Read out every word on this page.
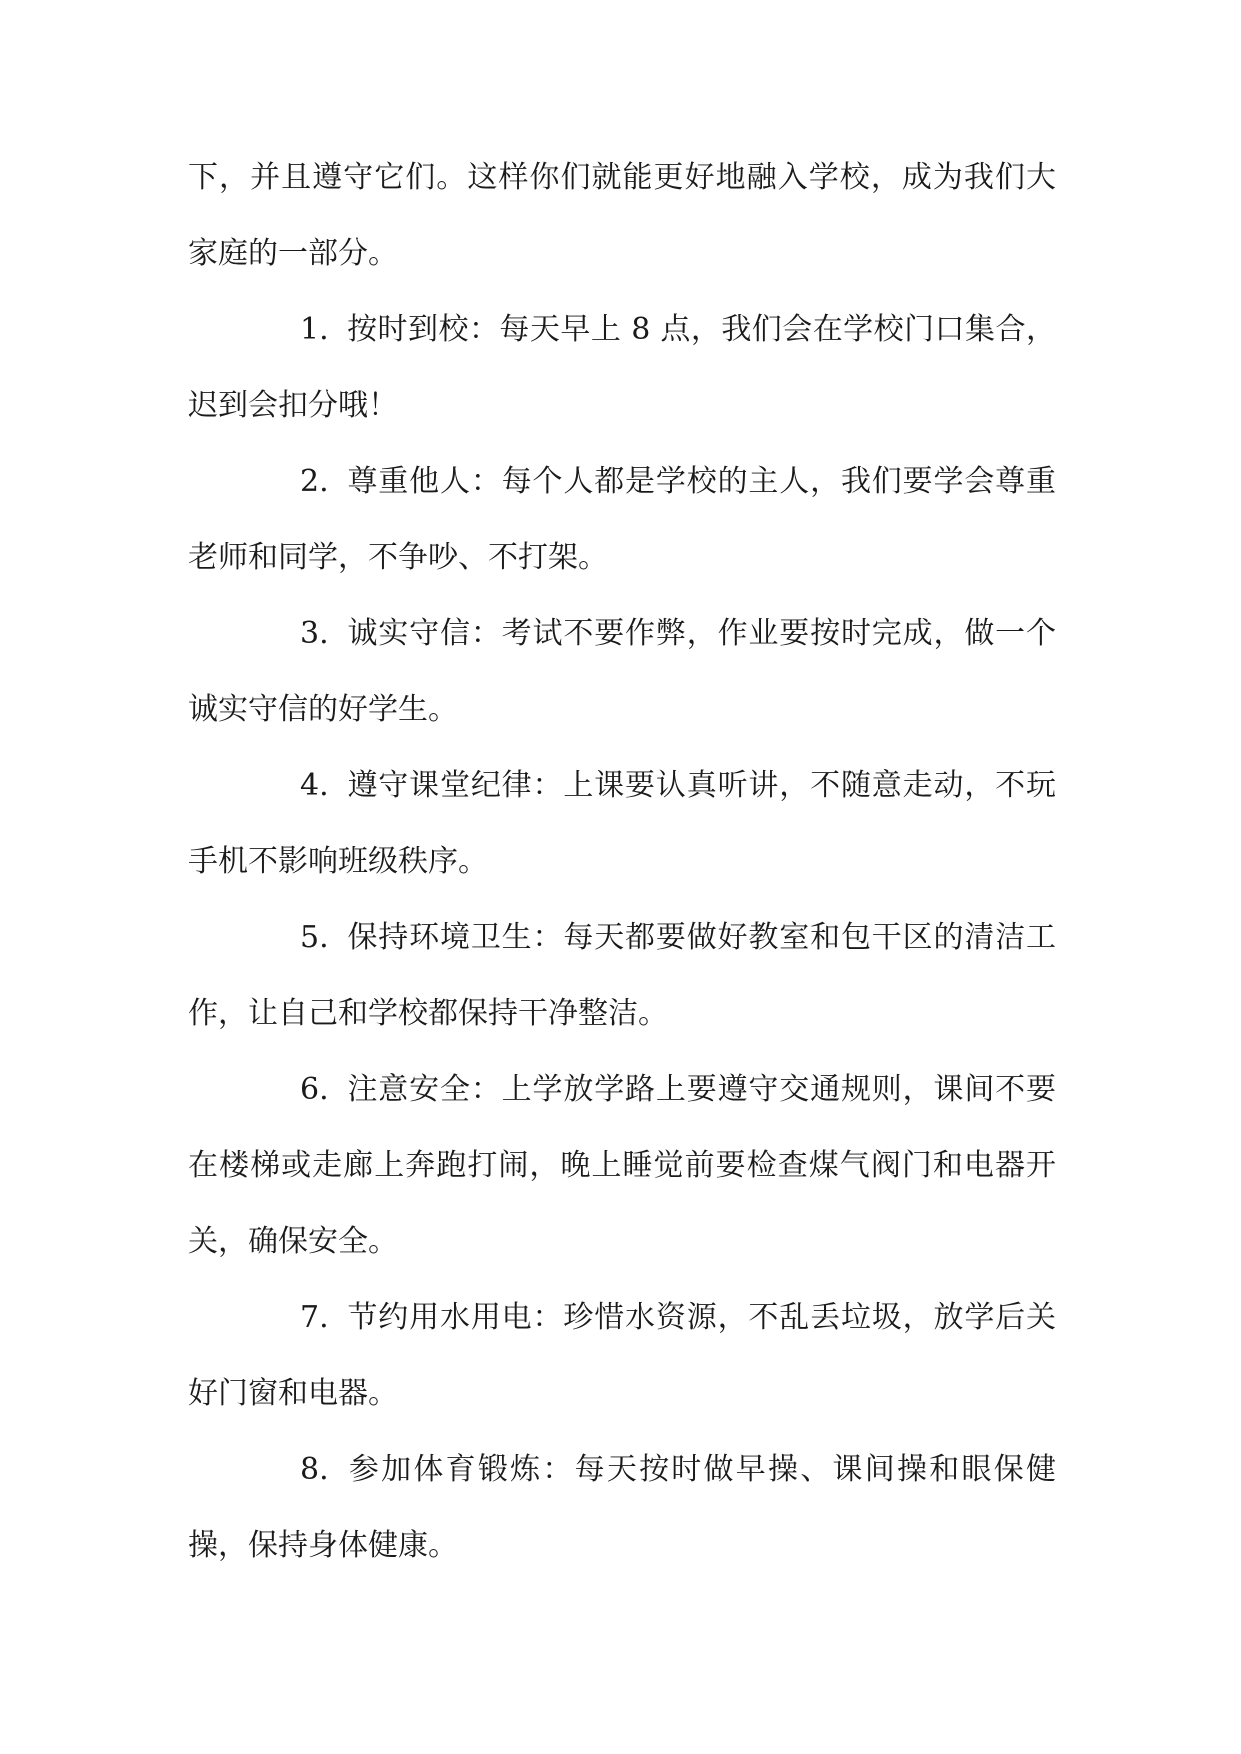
下，并且遵守它们。这样你们就能更好地融入学校，成为我们大家庭的一部分。

1. 按时到校：每天早上 8 点，我们会在学校门口集合，迟到会扣分哦！

2. 尊重他人：每个人都是学校的主人，我们要学会尊重老师和同学，不争吵、不打架。

3. 诚实守信：考试不要作弊，作业要按时完成，做一个诚实守信的好学生。

4. 遵守课堂纪律：上课要认真听讲，不随意走动，不玩手机不影响班级秩序。

5. 保持环境卫生：每天都要做好教室和包干区的清洁工作，让自己和学校都保持干净整洁。

6. 注意安全：上学放学路上要遵守交通规则，课间不要在楼梯或走廊上奔跑打闹，晚上睡觉前要检查煤气阀门和电器开关，确保安全。

7. 节约用水用电：珍惜水资源，不乱丢垃圾，放学后关好门窗和电器。

8. 参加体育锻炼：每天按时做早操、课间操和眼保健操，保持身体健康。
